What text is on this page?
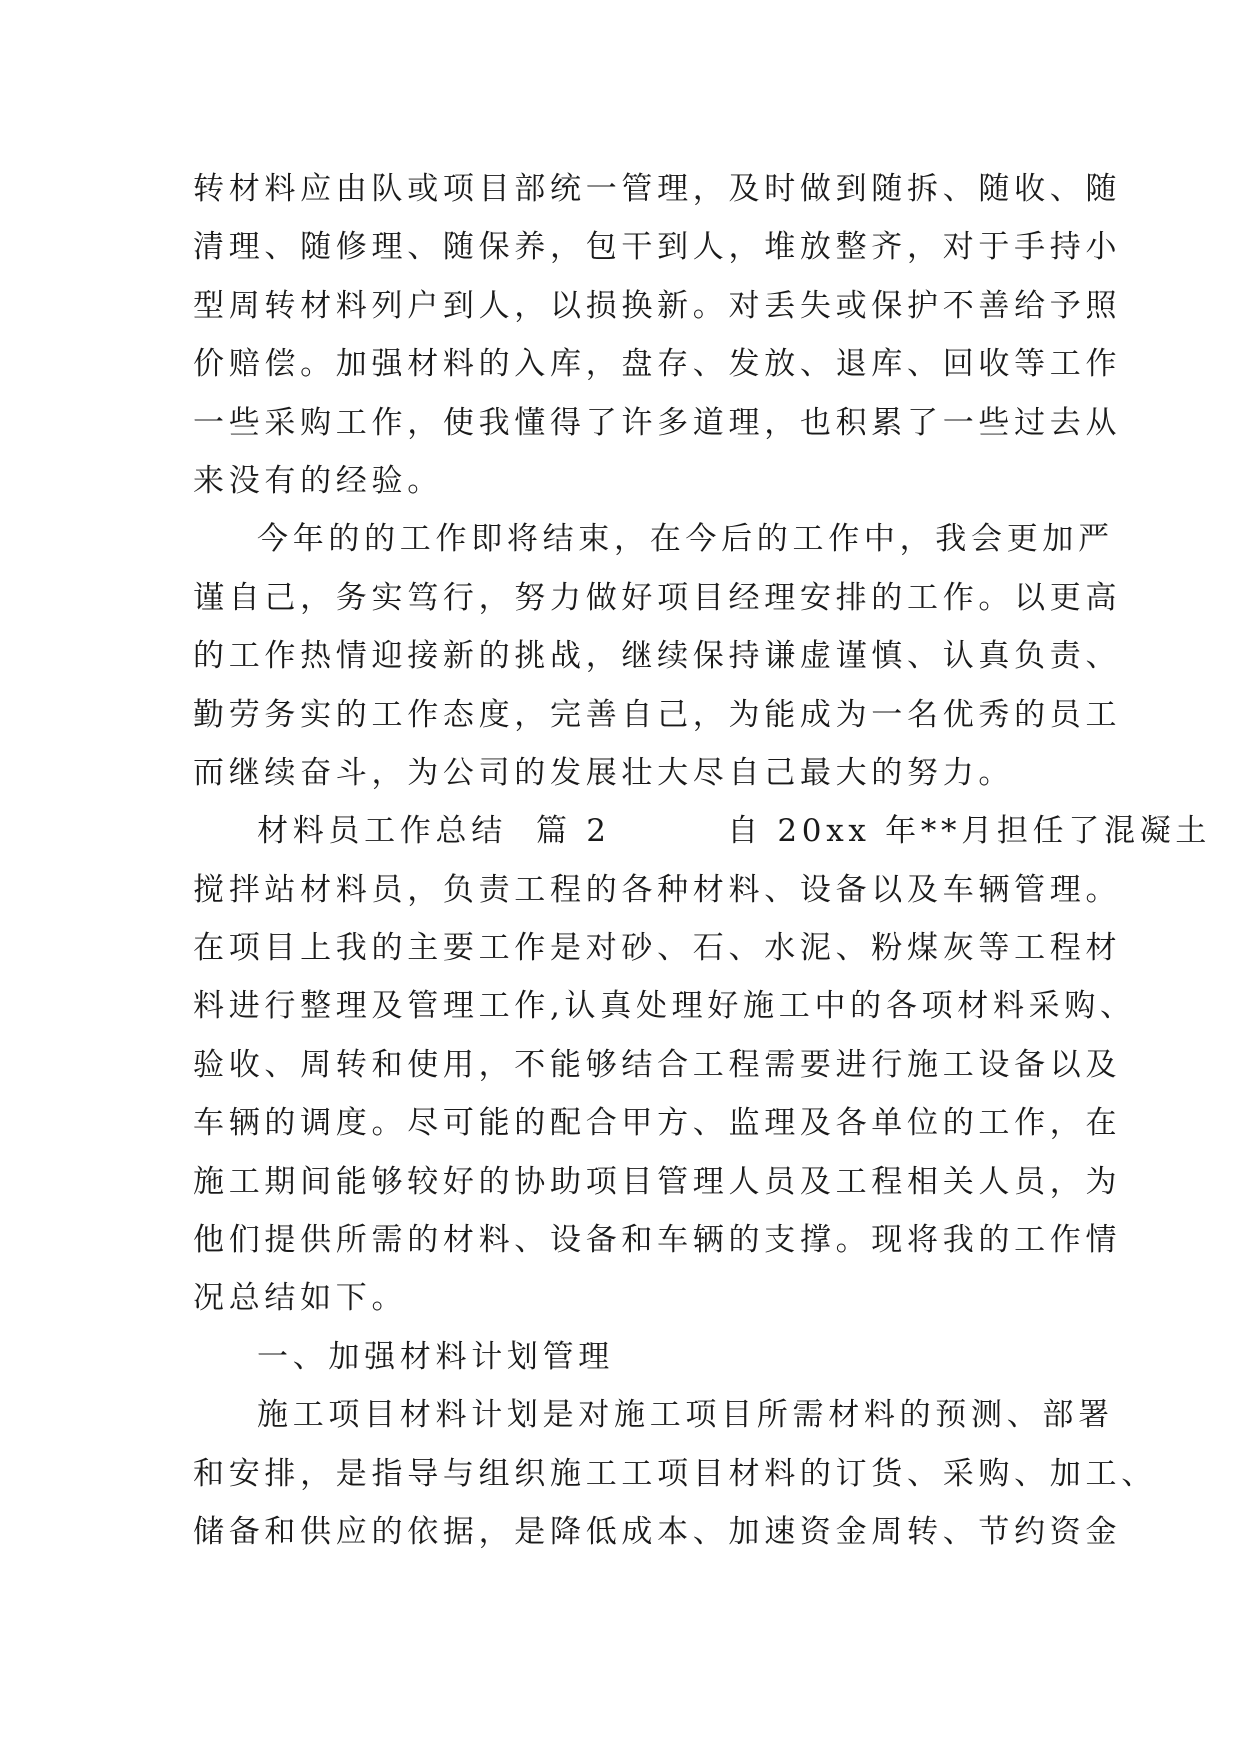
转材料应由队或项目部统一管理，及时做到随拆、随收、随
清理、随修理、随保养，包干到人，堆放整齐，对于手持小
型周转材料列户到人，以损换新。对丢失或保护不善给予照
价赔偿。加强材料的入库，盘存、发放、退库、回收等工作
一些采购工作，使我懂得了许多道理，也积累了一些过去从
来没有的经验。
今年的的工作即将结束，在今后的工作中，我会更加严
谨自己，务实笃行，努力做好项目经理安排的工作。以更高
的工作热情迎接新的挑战，继续保持谦虚谨慎、认真负责、
勤劳务实的工作态度，完善自己，为能成为一名优秀的员工
而继续奋斗，为公司的发展壮大尽自己最大的努力。
材料员工作总结  篇 2        自 20xx 年**月担任了混凝土
搅拌站材料员，负责工程的各种材料、设备以及车辆管理。
在项目上我的主要工作是对砂、石、水泥、粉煤灰等工程材
料进行整理及管理工作,认真处理好施工中的各项材料采购、
验收、周转和使用，不能够结合工程需要进行施工设备以及
车辆的调度。尽可能的配合甲方、监理及各单位的工作，在
施工期间能够较好的协助项目管理人员及工程相关人员，为
他们提供所需的材料、设备和车辆的支撑。现将我的工作情
况总结如下。
一、加强材料计划管理
施工项目材料计划是对施工项目所需材料的预测、部署
和安排，是指导与组织施工工项目材料的订货、采购、加工、
储备和供应的依据，是降低成本、加速资金周转、节约资金
